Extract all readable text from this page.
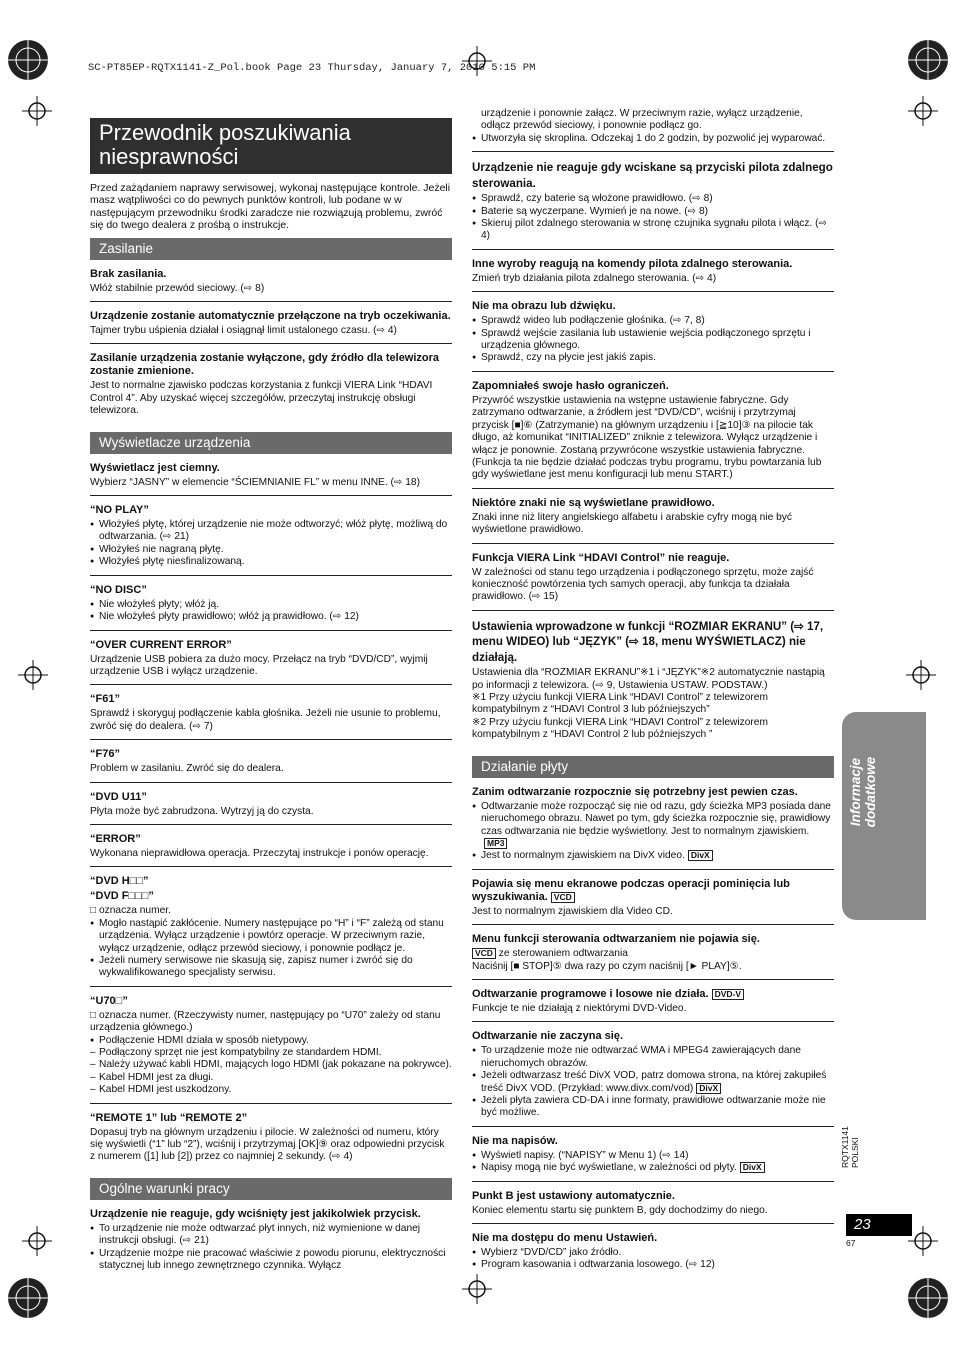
SC-PT85EP-RQTX1141-Z_Pol.book Page 23 Thursday, January 7, 2010 5:15 PM
Przewodnik poszukiwania
niesprawności

Przed zażądaniem naprawy serwisowej, wykonaj następujące kontrole. Jeżeli masz wątpliwości co do pewnych punktów kontroli, lub podane w w następującym przewodniku środki zaradcze nie rozwiązują problemu, zwróć się do twego dealera z prośbą o instrukcje.

Zasilanie
Brak zasilania.

Włóż stabilnie przewód sieciowy. (⇨ 8)

Urządzenie zostanie automatycznie przełączone na tryb oczekiwania.

Tajmer trybu uśpienia działał i osiągnął limit ustalonego czasu. (⇨ 4)

Zasilanie urządzenia zostanie wyłączone, gdy źródło dla telewizora zostanie zmienione.

Jest to normalne zjawisko podczas korzystania z funkcji VIERA Link “HDAVI Control 4”. Aby uzyskać więcej szczegółów, przeczytaj instrukcję obsługi telewizora.

Wyświetlacze urządzenia
Wyświetlacz jest ciemny.

Wybierz “JASNY” w elemencie “ŚCIEMNIANIE FL” w menu INNE. (⇨ 18)

“NO PLAY”
● Włożyłeś płytę, której urządzenie nie może odtworzyć; włóż płytę, możliwą do odtwarzania. (⇨ 21)
● Włożyłeś nie nagraną płytę.
● Włożyłeś płytę niesfinalizowaną.
“NO DISC”
● Nie włożyłeś płyty; włóż ją.
● Nie włożyłeś płyty prawidłowo; włóż ją prawidłowo. (⇨ 12)
“OVER CURRENT ERROR”

Urządzenie USB pobiera za dużo mocy. Przełącz na tryb “DVD/CD”, wyjmij urządzenie USB i wyłącz urządzenie.

“F61”

Sprawdź i skoryguj podłączenie kabla głośnika. Jeżeli nie usunie to problemu, zwróć się do dealera. (⇨ 7)

“F76”

Problem w zasilaniu. Zwróć się do dealera.

“DVD U11”

Płyta może być zabrudzona. Wytrzyj ją do czysta.

“ERROR”

Wykonana nieprawidłowa operacja. Przeczytaj instrukcje i ponów operację.

“DVD H□□”
“DVD F□□□”

□ oznacza numer.

● Mogło nastąpić zakłócenie. Numery następujące po “H” i “F” zależą od stanu urządzenia. Wyłącz urządzenie i powtórz operacje. W przeciwnym razie, wyłącz urządzenie, odłącz przewód sieciowy, i ponownie podłącz je.
● Jeżeli numery serwisowe nie skasują się, zapisz numer i zwróć się do wykwalifikowanego specjalisty serwisu.
“U70□”

□ oznacza numer. (Rzeczywisty numer, następujący po “U70” zależy od stanu urządzenia głównego.)

● Podłączenie HDMI działa w sposób nietypowy.
– Podłączony sprzęt nie jest kompatybilny ze standardem HDMI.
– Należy używać kabli HDMI, mających logo HDMI (jak pokazane na pokrywce).
– Kabel HDMI jest za długi.
– Kabel HDMI jest uszkodzony.
“REMOTE 1” lub “REMOTE 2”

Dopasuj tryb na głównym urządzeniu i pilocie. W zależności od numeru, który się wyświetli (“1” lub “2”), wciśnij i przytrzymaj [OK]⑨ oraz odpowiedni przycisk z numerem ([1] lub [2]) przez co najmniej 2 sekundy. (⇨ 4)

Ogólne warunki pracy
Urządzenie nie reaguje, gdy wciśnięty jest jakikolwiek przycisk.
● To urządzenie nie może odtwarzać płyt innych, niż wymienione w danej instrukcji obsługi. (⇨ 21)
● Urządzenie możpe nie pracować właściwie z powodu piorunu, elektryczności statycznej lub innego zewnętrznego czynnika. Wyłącz

urządzenie i ponownie załącz. W przeciwnym razie, wyłącz urządzenie, odłącz przewód sieciowy, i ponownie podłącz go.

● Utworzyła się skroplina. Odczekaj 1 do 2 godzin, by pozwolić jej wyparować.
Urządzenie nie reaguje gdy wciskane są przyciski pilota zdalnego sterowania.
● Sprawdź, czy baterie są włożone prawidłowo. (⇨ 8)
● Baterie są wyczerpane. Wymień je na nowe. (⇨ 8)
● Skieruj pilot zdalnego sterowania w stronę czujnika sygnału pilota i włącz. (⇨ 4)
Inne wyroby reagują na komendy pilota zdalnego sterowania.

Zmień tryb działania pilota zdalnego sterowania. (⇨ 4)

Nie ma obrazu lub dźwięku.
● Sprawdź wideo lub podłączenie głośnika. (⇨ 7, 8)
● Sprawdź wejście zasilania lub ustawienie wejścia podłączonego sprzętu i urządzenia głównego.
● Sprawdź, czy na płycie jest jakiś zapis.
Zapomniałeś swoje hasło ograniczeń.

Przywróć wszystkie ustawienia na wstępne ustawienie fabryczne. Gdy zatrzymano odtwarzanie, a źródłem jest “DVD/CD”, wciśnij i przytrzymaj przycisk [■]⑥ (Zatrzymanie) na głównym urządzeniu i [≧10]③ na pilocie tak długo, aż komunikat “INITIALIZED” zniknie z telewizora. Wyłącz urządzenie i włącz je ponownie. Zostaną przywrócone wszystkie ustawienia fabryczne. (Funkcja ta nie będzie działać podczas trybu programu, trybu powtarzania lub gdy wyświetlane jest menu konfiguracji lub menu START.)

Niektóre znaki nie są wyświetlane prawidłowo.

Znaki inne niż litery angielskiego alfabetu i arabskie cyfry mogą nie być wyświetlone prawidłowo.

Funkcja VIERA Link “HDAVI Control” nie reaguje.

W zależności od stanu tego urządzenia i podłączonego sprzętu, może zajść konieczność powtórzenia tych samych operacji, aby funkcja ta działała prawidłowo. (⇨ 15)

Ustawienia wprowadzone w funkcji “ROZMIAR EKRANU” (⇨ 17, menu WIDEO) lub “JĘZYK” (⇨ 18, menu WYŚWIETLACZ) nie działają.

Ustawienia dla “ROZMIAR EKRANU”※1 i “JĘZYK”※2 automatycznie nastąpią po informacji z telewizora. (⇨ 9, Ustawienia USTAW. PODSTAW.)

※1 Przy użyciu funkcji VIERA Link “HDAVI Control” z telewizorem kompatybilnym z “HDAVI Control 3 lub późniejszych”

※2 Przy użyciu funkcji VIERA Link “HDAVI Control” z telewizorem kompatybilnym z “HDAVI Control 2 lub późniejszych ”

Działanie płyty
Zanim odtwarzanie rozpocznie się potrzebny jest pewien czas.
● Odtwarzanie może rozpocząć się nie od razu, gdy ścieżka MP3 posiada dane nieruchomego obrazu. Nawet po tym, gdy ścieżka rozpocznie się, prawidłowy czas odtwarzania nie będzie wyświetlony. Jest to normalnym zjawiskiem.MP3
● Jest to normalnym zjawiskiem na DivX video. DivX
Pojawia się menu ekranowe podczas operacji pominięcia lub wyszukiwania. VCD

Jest to normalnym zjawiskiem dla Video CD.

Menu funkcji sterowania odtwarzaniem nie pojawia się.

VCD ze sterowaniem odtwarzania

Naciśnij [■ STOP]⑤ dwa razy po czym naciśnij [► PLAY]⑤.

Odtwarzanie programowe i losowe nie działa. DVD-V

Funkcje te nie działają z niektórymi DVD-Video.

Odtwarzanie nie zaczyna się.
● To urządzenie może nie odtwarzać WMA i MPEG4 zawierających dane nieruchomych obrazów.
● Jeżeli odtwarzasz treść DivX VOD, patrz domowa strona, na której zakupiłeś treść DivX VOD. (Przykład: www.divx.com/vod) DivX
● Jeżeli płyta zawiera CD-DA i inne formaty, prawidłowe odtwarzanie może nie być możliwe.
Nie ma napisów.
● Wyświetl napisy. (“NAPISY” w Menu 1) (⇨ 14)
● Napisy mogą nie być wyświetlane, w zależności od płyty. DivX
Punkt B jest ustawiony automatycznie.

Koniec elementu startu się punktem B, gdy dochodzimy do niego.

Nie ma dostępu do menu Ustawień.
● Wybierz “DVD/CD” jako źródło.
● Program kasowania i odtwarzania losowego. (⇨ 12)
Informacje dodatkowe
RQTX1141 POLSKI
23
67
